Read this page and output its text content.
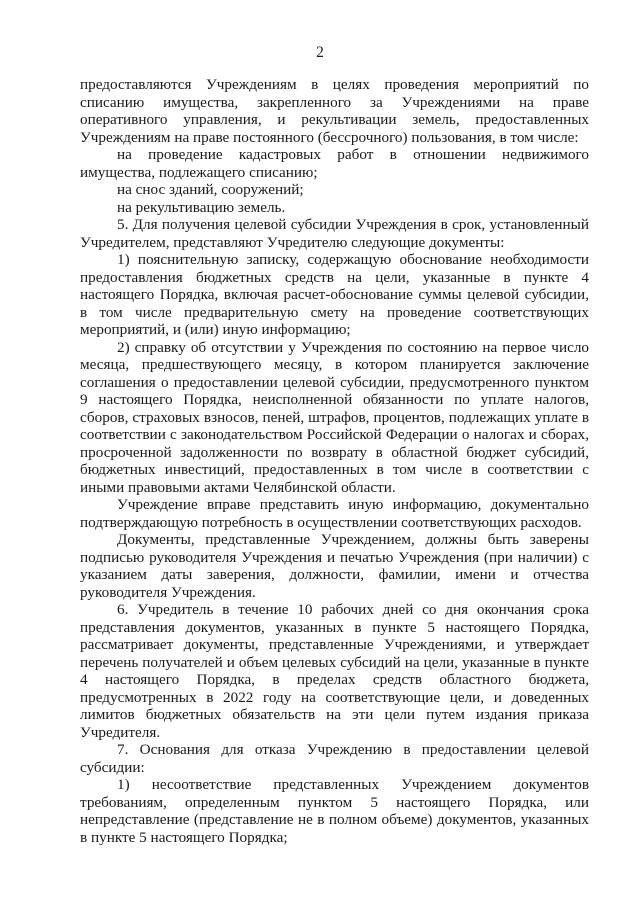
2

предоставляются Учреждениям в целях проведения мероприятий по списанию имущества, закрепленного за Учреждениями на праве оперативного управления, и рекультивации земель, предоставленных Учреждениям на праве постоянного (бессрочного) пользования, в том числе:

на проведение кадастровых работ в отношении недвижимого имущества, подлежащего списанию;

на снос зданий, сооружений;

на рекультивацию земель.

5. Для получения целевой субсидии Учреждения в срок, установленный Учредителем, представляют Учредителю следующие документы:

1) пояснительную записку, содержащую обоснование необходимости предоставления бюджетных средств на цели, указанные в пункте 4 настоящего Порядка, включая расчет-обоснование суммы целевой субсидии, в том числе предварительную смету на проведение соответствующих мероприятий, и (или) иную информацию;

2) справку об отсутствии у Учреждения по состоянию на первое число месяца, предшествующего месяцу, в котором планируется заключение соглашения о предоставлении целевой субсидии, предусмотренного пунктом 9 настоящего Порядка, неисполненной обязанности по уплате налогов, сборов, страховых взносов, пеней, штрафов, процентов, подлежащих уплате в соответствии с законодательством Российской Федерации о налогах и сборах, просроченной задолженности по возврату в областной бюджет субсидий, бюджетных инвестиций, предоставленных в том числе в соответствии с иными правовыми актами Челябинской области.

Учреждение вправе представить иную информацию, документально подтверждающую потребность в осуществлении соответствующих расходов.

Документы, представленные Учреждением, должны быть заверены подписью руководителя Учреждения и печатью Учреждения (при наличии) с указанием даты заверения, должности, фамилии, имени и отчества руководителя Учреждения.

6. Учредитель в течение 10 рабочих дней со дня окончания срока представления документов, указанных в пункте 5 настоящего Порядка, рассматривает документы, представленные Учреждениями, и утверждает перечень получателей и объем целевых субсидий на цели, указанные в пункте 4 настоящего Порядка, в пределах средств областного бюджета, предусмотренных в 2022 году на соответствующие цели, и доведенных лимитов бюджетных обязательств на эти цели путем издания приказа Учредителя.

7. Основания для отказа Учреждению в предоставлении целевой субсидии:

1) несоответствие представленных Учреждением документов требованиям, определенным пунктом 5 настоящего Порядка, или непредставление (представление не в полном объеме) документов, указанных в пункте 5 настоящего Порядка;
